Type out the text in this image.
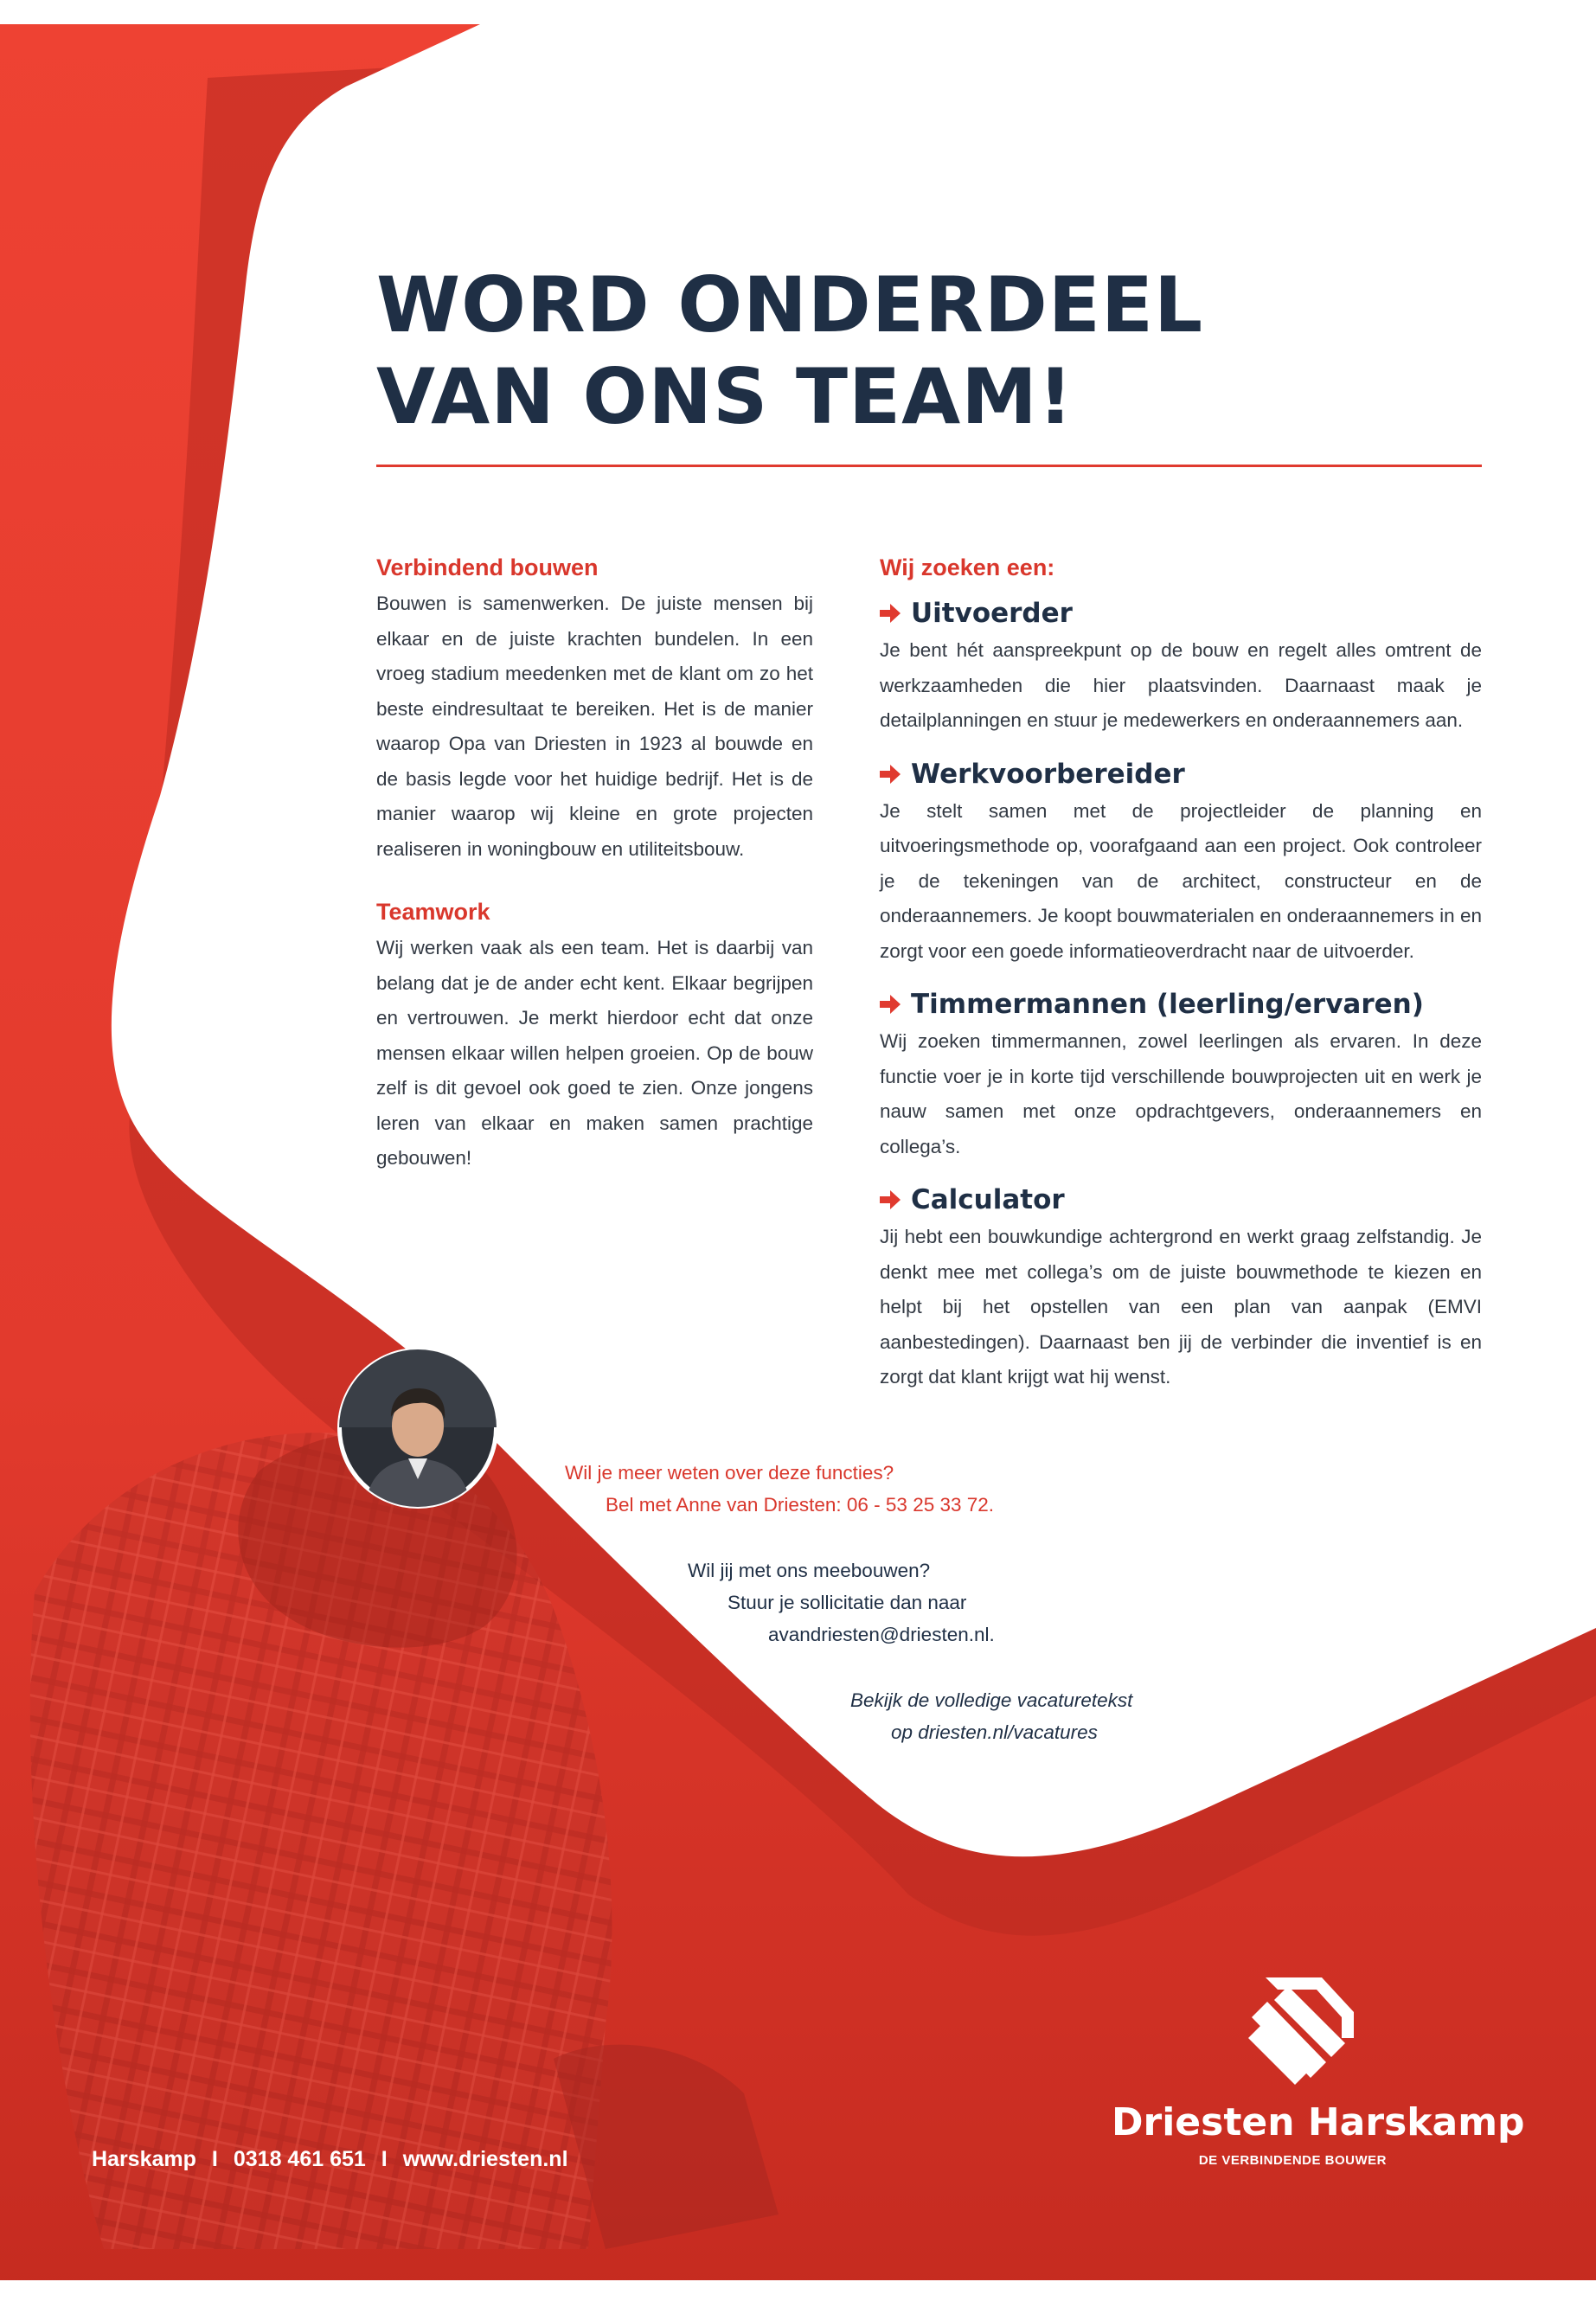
WORD ONDERDEEL
VAN ONS TEAM!
Verbindend bouwen

Bouwen is samenwerken. De juiste mensen bij elkaar en de juiste krachten bundelen. In een vroeg stadium meedenken met de klant om zo het beste eindresultaat te bereiken. Het is de manier waarop Opa van Driesten in 1923 al bouwde en de basis legde voor het huidige bedrijf. Het is de manier waarop wij kleine en grote projecten realiseren in woningbouw en utiliteitsbouw.

Teamwork

Wij werken vaak als een team. Het is daarbij van belang dat je de ander echt kent. Elkaar begrijpen en vertrouwen. Je merkt hierdoor echt dat onze mensen elkaar willen helpen groeien. Op de bouw zelf is dit gevoel ook goed te zien. Onze jongens leren van elkaar en maken samen prachtige gebouwen!

Wij zoeken een:
Uitvoerder

Je bent hét aanspreekpunt op de bouw en regelt alles omtrent de werkzaamheden die hier plaatsvinden. Daarnaast maak je detailplanningen en stuur je medewerkers en onderaannemers aan.

Werkvoorbereider

Je stelt samen met de projectleider de planning en uitvoeringsmethode op, voorafgaand aan een project. Ook controleer je de tekeningen van de architect, constructeur en de onderaannemers. Je koopt bouwmaterialen en onderaannemers in en zorgt voor een goede informatieoverdracht naar de uitvoerder.

Timmermannen (leerling/ervaren)

Wij zoeken timmermannen, zowel leerlingen als ervaren. In deze functie voer je in korte tijd verschillende bouwprojecten uit en werk je nauw samen met onze opdrachtgevers, onderaannemers en collega’s.

Calculator

Jij hebt een bouwkundige achtergrond en werkt graag zelfstandig. Je denkt mee met collega’s om de juiste bouwmethode te kiezen en helpt bij het opstellen van een plan van aanpak (EMVI aanbestedingen). Daarnaast ben jij de verbinder die inventief is en zorgt dat klant krijgt wat hij wenst.

Wil je meer weten over deze functies?

Bel met Anne van Driesten: 06 - 53 25 33 72.

Wil jij met ons meebouwen?

Stuur je sollicitatie dan naar

avandriesten@driesten.nl.

Bekijk de volledige vacaturetekst

op driesten.nl/vacatures

Harskamp I 0318 461 651 I www.driesten.nl
Driesten Harskamp
DE VERBINDENDE BOUWER
